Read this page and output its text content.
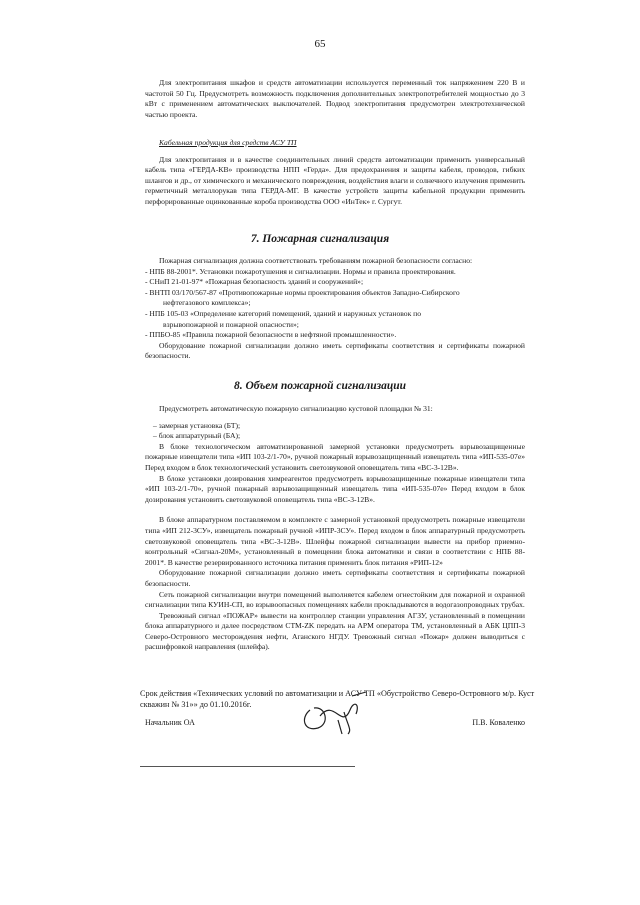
65

Для электропитания шкафов и средств автоматизации используется переменный ток напряжением 220 В и частотой 50 Гц. Предусмотреть возможность подключения дополнительных электропотребителей мощностью до 3 кВт с применением автоматических выключателей. Подвод электропитания предусмотрен электротехнической частью проекта.

Кабельная продукция для средств АСУ ТП

Для электропитания и в качестве соединительных линий средств автоматизации применить универсальный кабель типа «ГЕРДА-КВ» производства НПП «Герда». Для предохранения и защиты кабеля, проводов, гибких шлангов и др., от химического и механического повреждения, воздействия влаги и солнечного излучения применить герметичный металлорукав типа ГЕРДА-МГ. В качестве устройств защиты кабельной продукции применить перфорированные оцинкованные короба производства ООО «ИнТек» г. Сургут.

7. Пожарная сигнализация

Пожарная сигнализация должна соответствовать требованиям пожарной безопасности согласно:

- НПБ 88-2001*. Установки пожаротушения и сигнализации. Нормы и правила проектирования.

- СНиП 21-01-97* «Пожарная безопасность зданий и сооружений»;

- ВНТП 03/170/567-87 «Противопожарные нормы проектирования объектов Западно-Сибирского

нефтегазового комплекса»;

- НПБ 105-03 «Определение категорий помещений, зданий и наружных установок по

взрывопожарной и пожарной опасности»;

- ППБО-85 «Правила пожарной безопасности в нефтяной промышленности».

Оборудование пожарной сигнализации должно иметь сертификаты соответствия и сертификаты пожарной безопасности.

8. Объем пожарной сигнализации

Предусмотреть автоматическую пожарную сигнализацию кустовой площадки № 31:

– замерная установка (БТ);

– блок аппаратурный (БА);

В блоке технологическом автоматизированной замерной установки предусмотреть взрывозащищенные пожарные извещатели типа «ИП 103-2/1-70», ручной пожарный взрывозащищенный извещатель типа «ИП-535-07е» Перед входом в блок технологический установить светозвуковой оповещатель типа «ВС-3-12В».

В блоке установки дозирования химреагентов предусмотреть взрывозащищенные пожарные извещатели типа «ИП 103-2/1-70», ручной пожарный взрывозащищенный извещатель типа «ИП-535-07е» Перед входом в блок дозирования установить светозвуковой оповещатель типа «ВС-3-12В».

В блоке аппаратурном поставляемом в комплекте с замерной установкой предусмотреть пожарные извещатели типа «ИП 212-3СУ», извещатель пожарный ручной «ИПР-3СУ». Перед входом в блок аппаратурный предусмотреть светозвуковой оповещатель типа «ВС-3-12В». Шлейфы пожарной сигнализации вывести на прибор приемно-контрольный «Сигнал-20М», установленный в помещении блока автоматики и связи в соответствии с НПБ 88-2001*. В качестве резервированного источника питания применить блок питания «РИП-12»

Оборудование пожарной сигнализации должно иметь сертификаты соответствия и сертификаты пожарной безопасности.

Сеть пожарной сигнализации внутри помещений выполняется кабелем огнестойким для пожарной и охранной сигнализации типа КУИН-СП, во взрывоопасных помещениях кабели прокладываются в водогазопроводных трубах.

Тревожный сигнал «ПОЖАР» вывести на контроллер станции управления АГЗУ, установленный в помещении блока аппаратурного и далее посредством СТМ-ZK передать на АРМ оператора ТМ, установленный в АБК ЦПП-3 Северо-Островного месторождения нефти, Аганского НГДУ. Тревожный сигнал «Пожар» должен выводиться с расшифровкой направления (шлейфа).

Срок действия «Технических условий по автоматизации и АСУ ТП «Обустройство Северо-Островного м/р. Куст скважин № 31»» до 01.10.2016г.
Начальник ОА	П.В. Коваленко
